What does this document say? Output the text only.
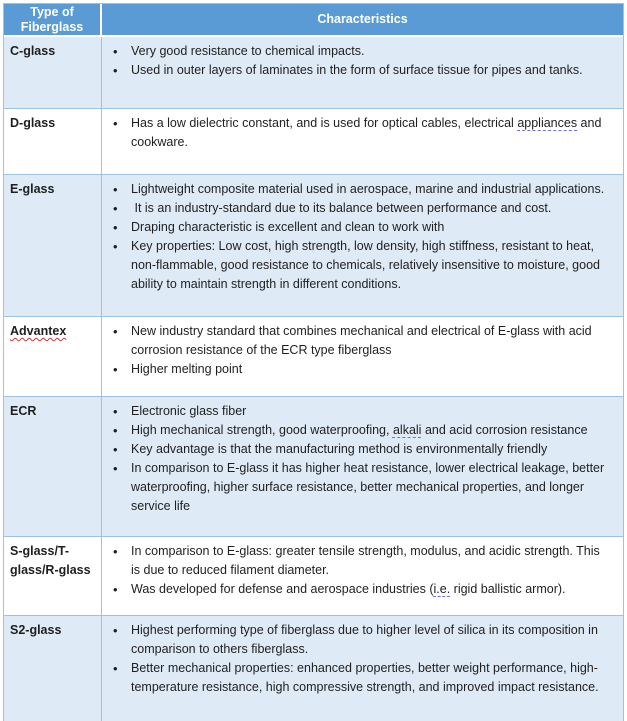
Type of Fiberglass	Characteristics
C-glass	
•Very good resistance to chemical impacts.
• Used in outer layers of laminates in the form of surface tissue for pipes and tanks.

D-glass	
•Has a low dielectric constant, and is used for optical cables, electrical appliances and cookware.

E-glass	
•Lightweight composite material used in aerospace, marine and industrial applications.
•  It is an industry-standard due to its balance between performance and cost.
• Draping characteristic is excellent and clean to work with
• Key properties: Low cost, high strength, low density, high stiffness, resistant to heat, non-flammable, good resistance to chemicals, relatively insensitive to moisture, good ability to maintain strength in different conditions.

Advantex	
•New industry standard that combines mechanical and electrical of E-glass with acid corrosion resistance of the ECR type fiberglass
• Higher melting point

ECR	
•Electronic glass fiber
• High mechanical strength, good waterproofing, alkali and acid corrosion resistance
• Key advantage is that the manufacturing method is environmentally friendly
• In comparison to E-glass it has higher heat resistance, lower electrical leakage, better waterproofing, higher surface resistance, better mechanical properties, and longer service life

S-glass/T-glass/R-glass	
• In comparison to E-glass: greater tensile strength, modulus, and acidic strength. This is due to reduced filament diameter.
• Was developed for defense and aerospace industries (i.e. rigid ballistic armor).

S2-glass	
•Highest performing type of fiberglass due to higher level of silica in its composition in comparison to others fiberglass.
• Better mechanical properties: enhanced properties, better weight performance, high-temperature resistance, high compressive strength, and improved impact resistance.
